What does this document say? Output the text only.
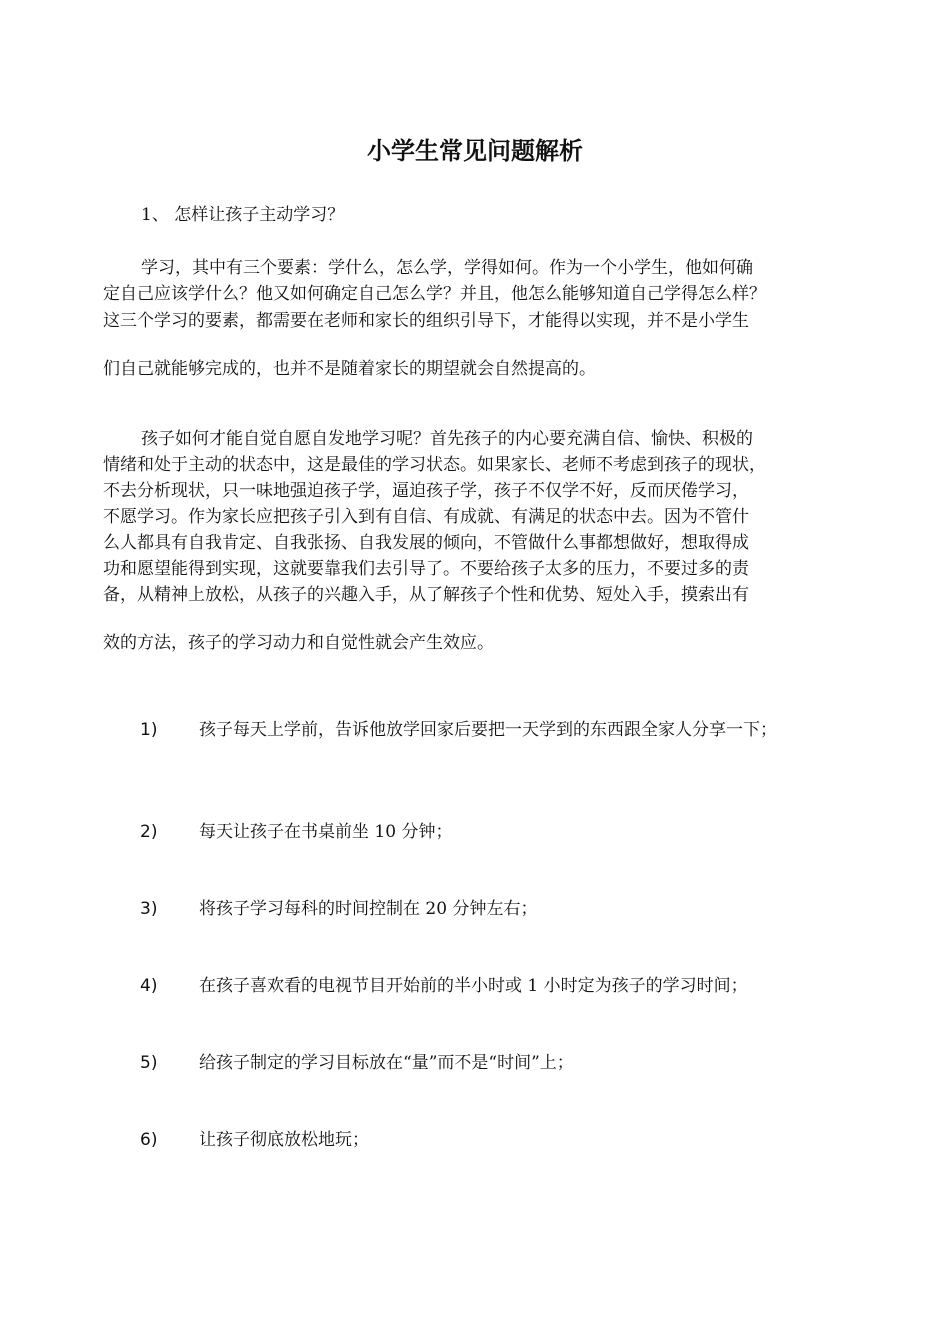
小学生常见问题解析
1、 怎样让孩子主动学习？
学习，其中有三个要素：学什么，怎么学，学得如何。作为一个小学生，他如何确
定自己应该学什么？他又如何确定自己怎么学？并且，他怎么能够知道自己学得怎么样？
这三个学习的要素，都需要在老师和家长的组织引导下，才能得以实现，并不是小学生
们自己就能够完成的，也并不是随着家长的期望就会自然提高的。
孩子如何才能自觉自愿自发地学习呢？首先孩子的内心要充满自信、愉快、积极的
情绪和处于主动的状态中，这是最佳的学习状态。如果家长、老师不考虑到孩子的现状，
不去分析现状，只一味地强迫孩子学，逼迫孩子学，孩子不仅学不好，反而厌倦学习，
不愿学习。作为家长应把孩子引入到有自信、有成就、有满足的状态中去。因为不管什
么人都具有自我肯定、自我张扬、自我发展的倾向，不管做什么事都想做好，想取得成
功和愿望能得到实现，这就要靠我们去引导了。不要给孩子太多的压力，不要过多的责
备，从精神上放松，从孩子的兴趣入手，从了解孩子个性和优势、短处入手，摸索出有
效的方法，孩子的学习动力和自觉性就会产生效应。
1) 孩子每天上学前，告诉他放学回家后要把一天学到的东西跟全家人分享一下；
2) 每天让孩子在书桌前坐 10 分钟；
3) 将孩子学习每科的时间控制在 20 分钟左右；
4) 在孩子喜欢看的电视节目开始前的半小时或 1 小时定为孩子的学习时间；
5) 给孩子制定的学习目标放在“量”而不是“时间”上；
6) 让孩子彻底放松地玩；
